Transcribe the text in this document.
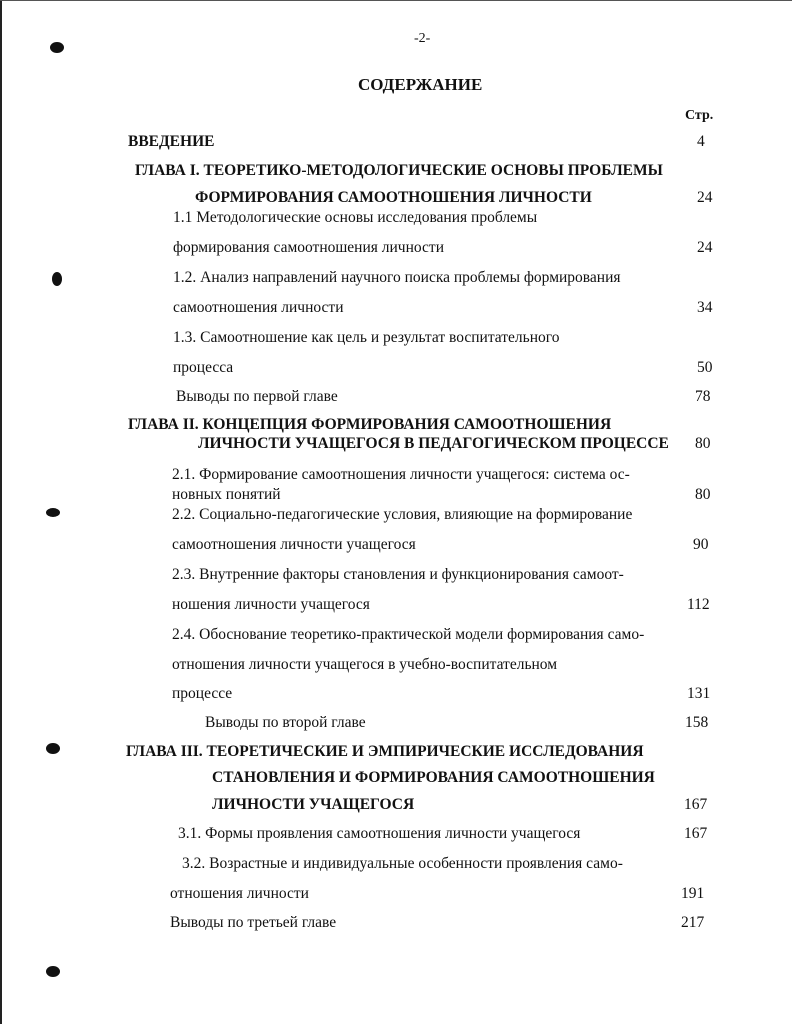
-2-
СОДЕРЖАНИЕ
Стр.
ВВЕДЕНИЕ	4
ГЛАВА I. ТЕОРЕТИКО-МЕТОДОЛОГИЧЕСКИЕ ОСНОВЫ ПРОБЛЕМЫ
ФОРМИРОВАНИЯ САМООТНОШЕНИЯ ЛИЧНОСТИ	24
1.1 Методологические основы исследования проблемы
формирования самоотношения личности	24
1.2. Анализ направлений научного поиска проблемы формирования
самоотношения личности	34
1.3. Самоотношение как цель и результат воспитательного
процесса	50
Выводы по первой главе	78
ГЛАВА II. КОНЦЕПЦИЯ ФОРМИРОВАНИЯ САМООТНОШЕНИЯ
ЛИЧНОСТИ УЧАЩЕГОСЯ В ПЕДАГОГИЧЕСКОМ ПРОЦЕССЕ 80
2.1. Формирование самоотношения личности учащегося: система ос-
новных понятий	80
2.2. Социально-педагогические условия, влияющие на формирование
самоотношения личности учащегося	90
2.3. Внутренние факторы становления и функционирования самоот-
ношения личности учащегося	112
2.4. Обоснование теоретико-практической модели формирования само-
отношения личности учащегося в учебно-воспитательном
процессе	131
Выводы по второй главе	158
ГЛАВА III. ТЕОРЕТИЧЕСКИЕ И ЭМПИРИЧЕСКИЕ ИССЛЕДОВАНИЯ
СТАНОВЛЕНИЯ И ФОРМИРОВАНИЯ САМООТНОШЕНИЯ
ЛИЧНОСТИ УЧАЩЕГОСЯ	167
3.1. Формы проявления самоотношения личности учащегося	167
3.2. Возрастные и индивидуальные особенности проявления само-
отношения личности	191
Выводы по третьей главе	217
